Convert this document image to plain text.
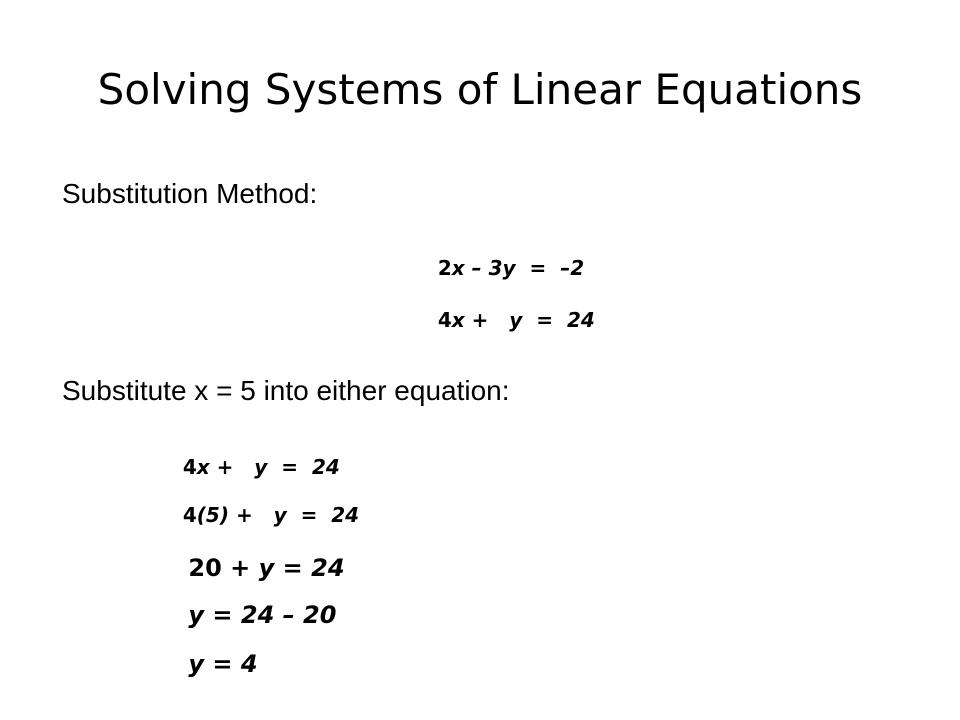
Solving Systems of Linear Equations
Substitution Method:

2x – 3y  =  –2

4x +   y  =  24

Substitute x = 5 into either equation:

4x +   y  =  24

4(5) +   y  =  24

20 + y = 24

y = 24 – 20

y = 4
